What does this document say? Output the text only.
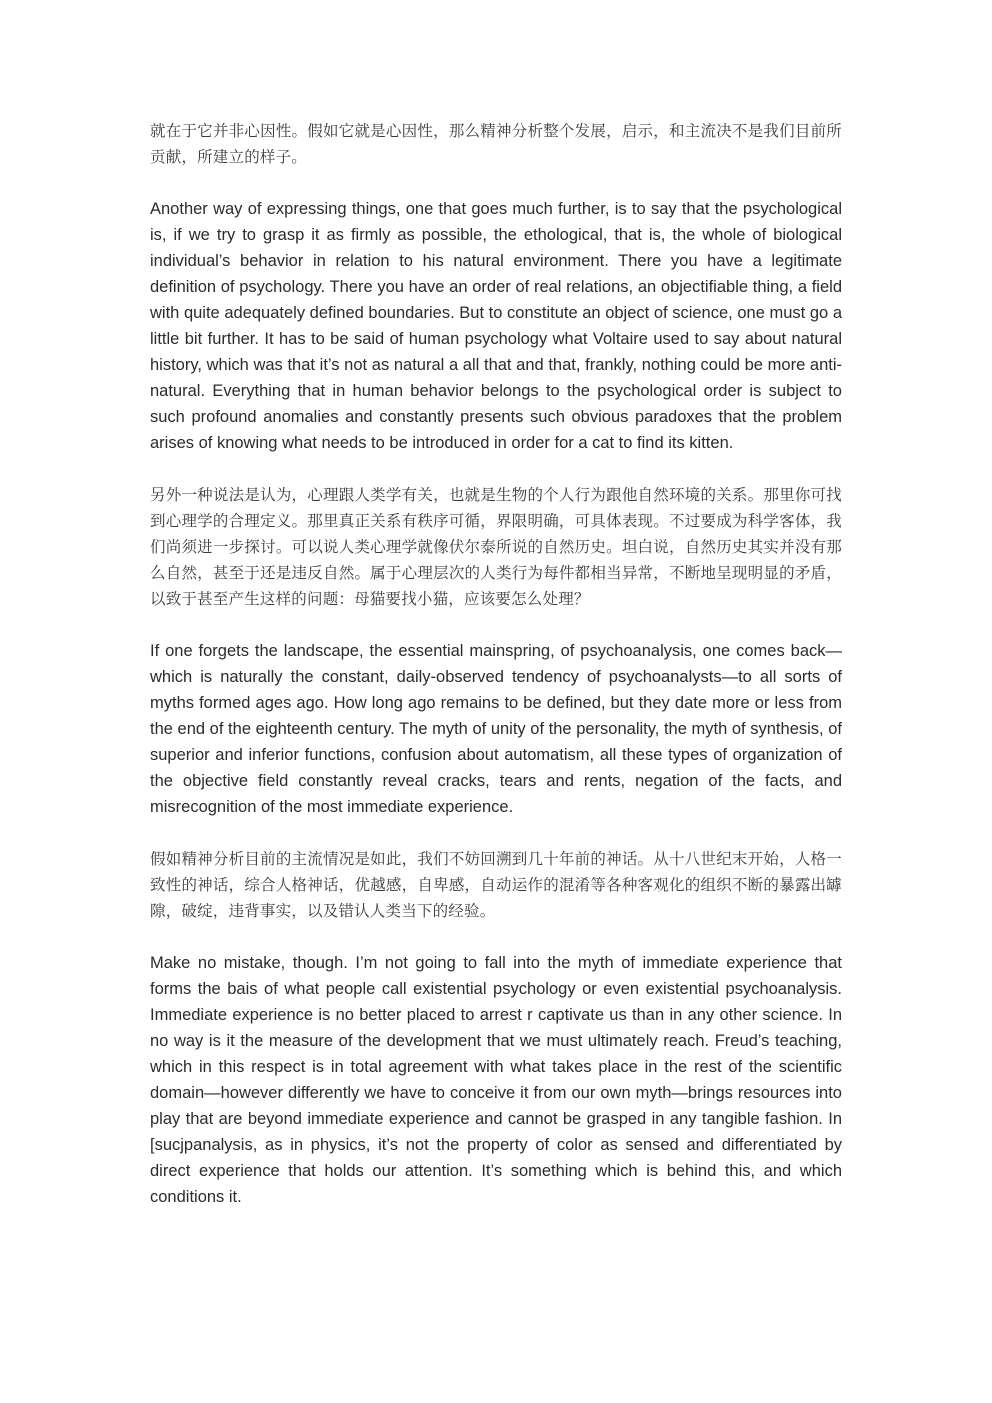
就在于它并非心因性。假如它就是心因性，那么精神分析整个发展，启示，和主流决不是我们目前所贡献，所建立的样子。

Another way of expressing things, one that goes much further, is to say that the psychological is, if we try to grasp it as firmly as possible, the ethological, that is, the whole of biological individual’s behavior in relation to his natural environment. There you have a legitimate definition of psychology. There you have an order of real relations, an objectifiable thing, a field with quite adequately defined boundaries. But to constitute an object of science, one must go a little bit further. It has to be said of human psychology what Voltaire used to say about natural history, which was that it’s not as natural a all that and that, frankly, nothing could be more anti-natural. Everything that in human behavior belongs to the psychological order is subject to such profound anomalies and constantly presents such obvious paradoxes that the problem arises of knowing what needs to be introduced in order for a cat to find its kitten.

另外一种说法是认为，心理跟人类学有关，也就是生物的个人行为跟他自然环境的关系。那里你可找到心理学的合理定义。那里真正关系有秩序可循，界限明确，可具体表现。不过要成为科学客体，我们尚须进一步探讨。可以说人类心理学就像伏尔泰所说的自然历史。坦白说，自然历史其实并没有那么自然，甚至于还是违反自然。属于心理层次的人类行为每件都相当异常，不断地呈现明显的矛盾，以致于甚至产生这样的问题：母猫要找小猫，应该要怎么处理？

If one forgets the landscape, the essential mainspring, of psychoanalysis, one comes back—which is naturally the constant, daily-observed tendency of psychoanalysts—to all sorts of myths formed ages ago. How long ago remains to be defined, but they date more or less from the end of the eighteenth century. The myth of unity of the personality, the myth of synthesis, of superior and inferior functions, confusion about automatism, all these types of organization of the objective field constantly reveal cracks, tears and rents, negation of the facts, and misrecognition of the most immediate experience.

假如精神分析目前的主流情况是如此，我们不妨回溯到几十年前的神话。从十八世纪末开始，人格一致性的神话，综合人格神话，优越感，自卑感，自动运作的混淆等各种客观化的组织不断的暴露出罅隙，破绽，违背事实，以及错认人类当下的经验。

Make no mistake, though. I’m not going to fall into the myth of immediate experience that forms the bais of what people call existential psychology or even existential psychoanalysis. Immediate experience is no better placed to arrest r captivate us than in any other science. In no way is it the measure of the development that we must ultimately reach. Freud’s teaching, which in this respect is in total agreement with what takes place in the rest of the scientific domain—however differently we have to conceive it from our own myth—brings resources into play that are beyond immediate experience and cannot be grasped in any tangible fashion. In [sucjpanalysis, as in physics, it’s not the property of color as sensed and differentiated by direct experience that holds our attention. It’s something which is behind this, and which conditions it.
